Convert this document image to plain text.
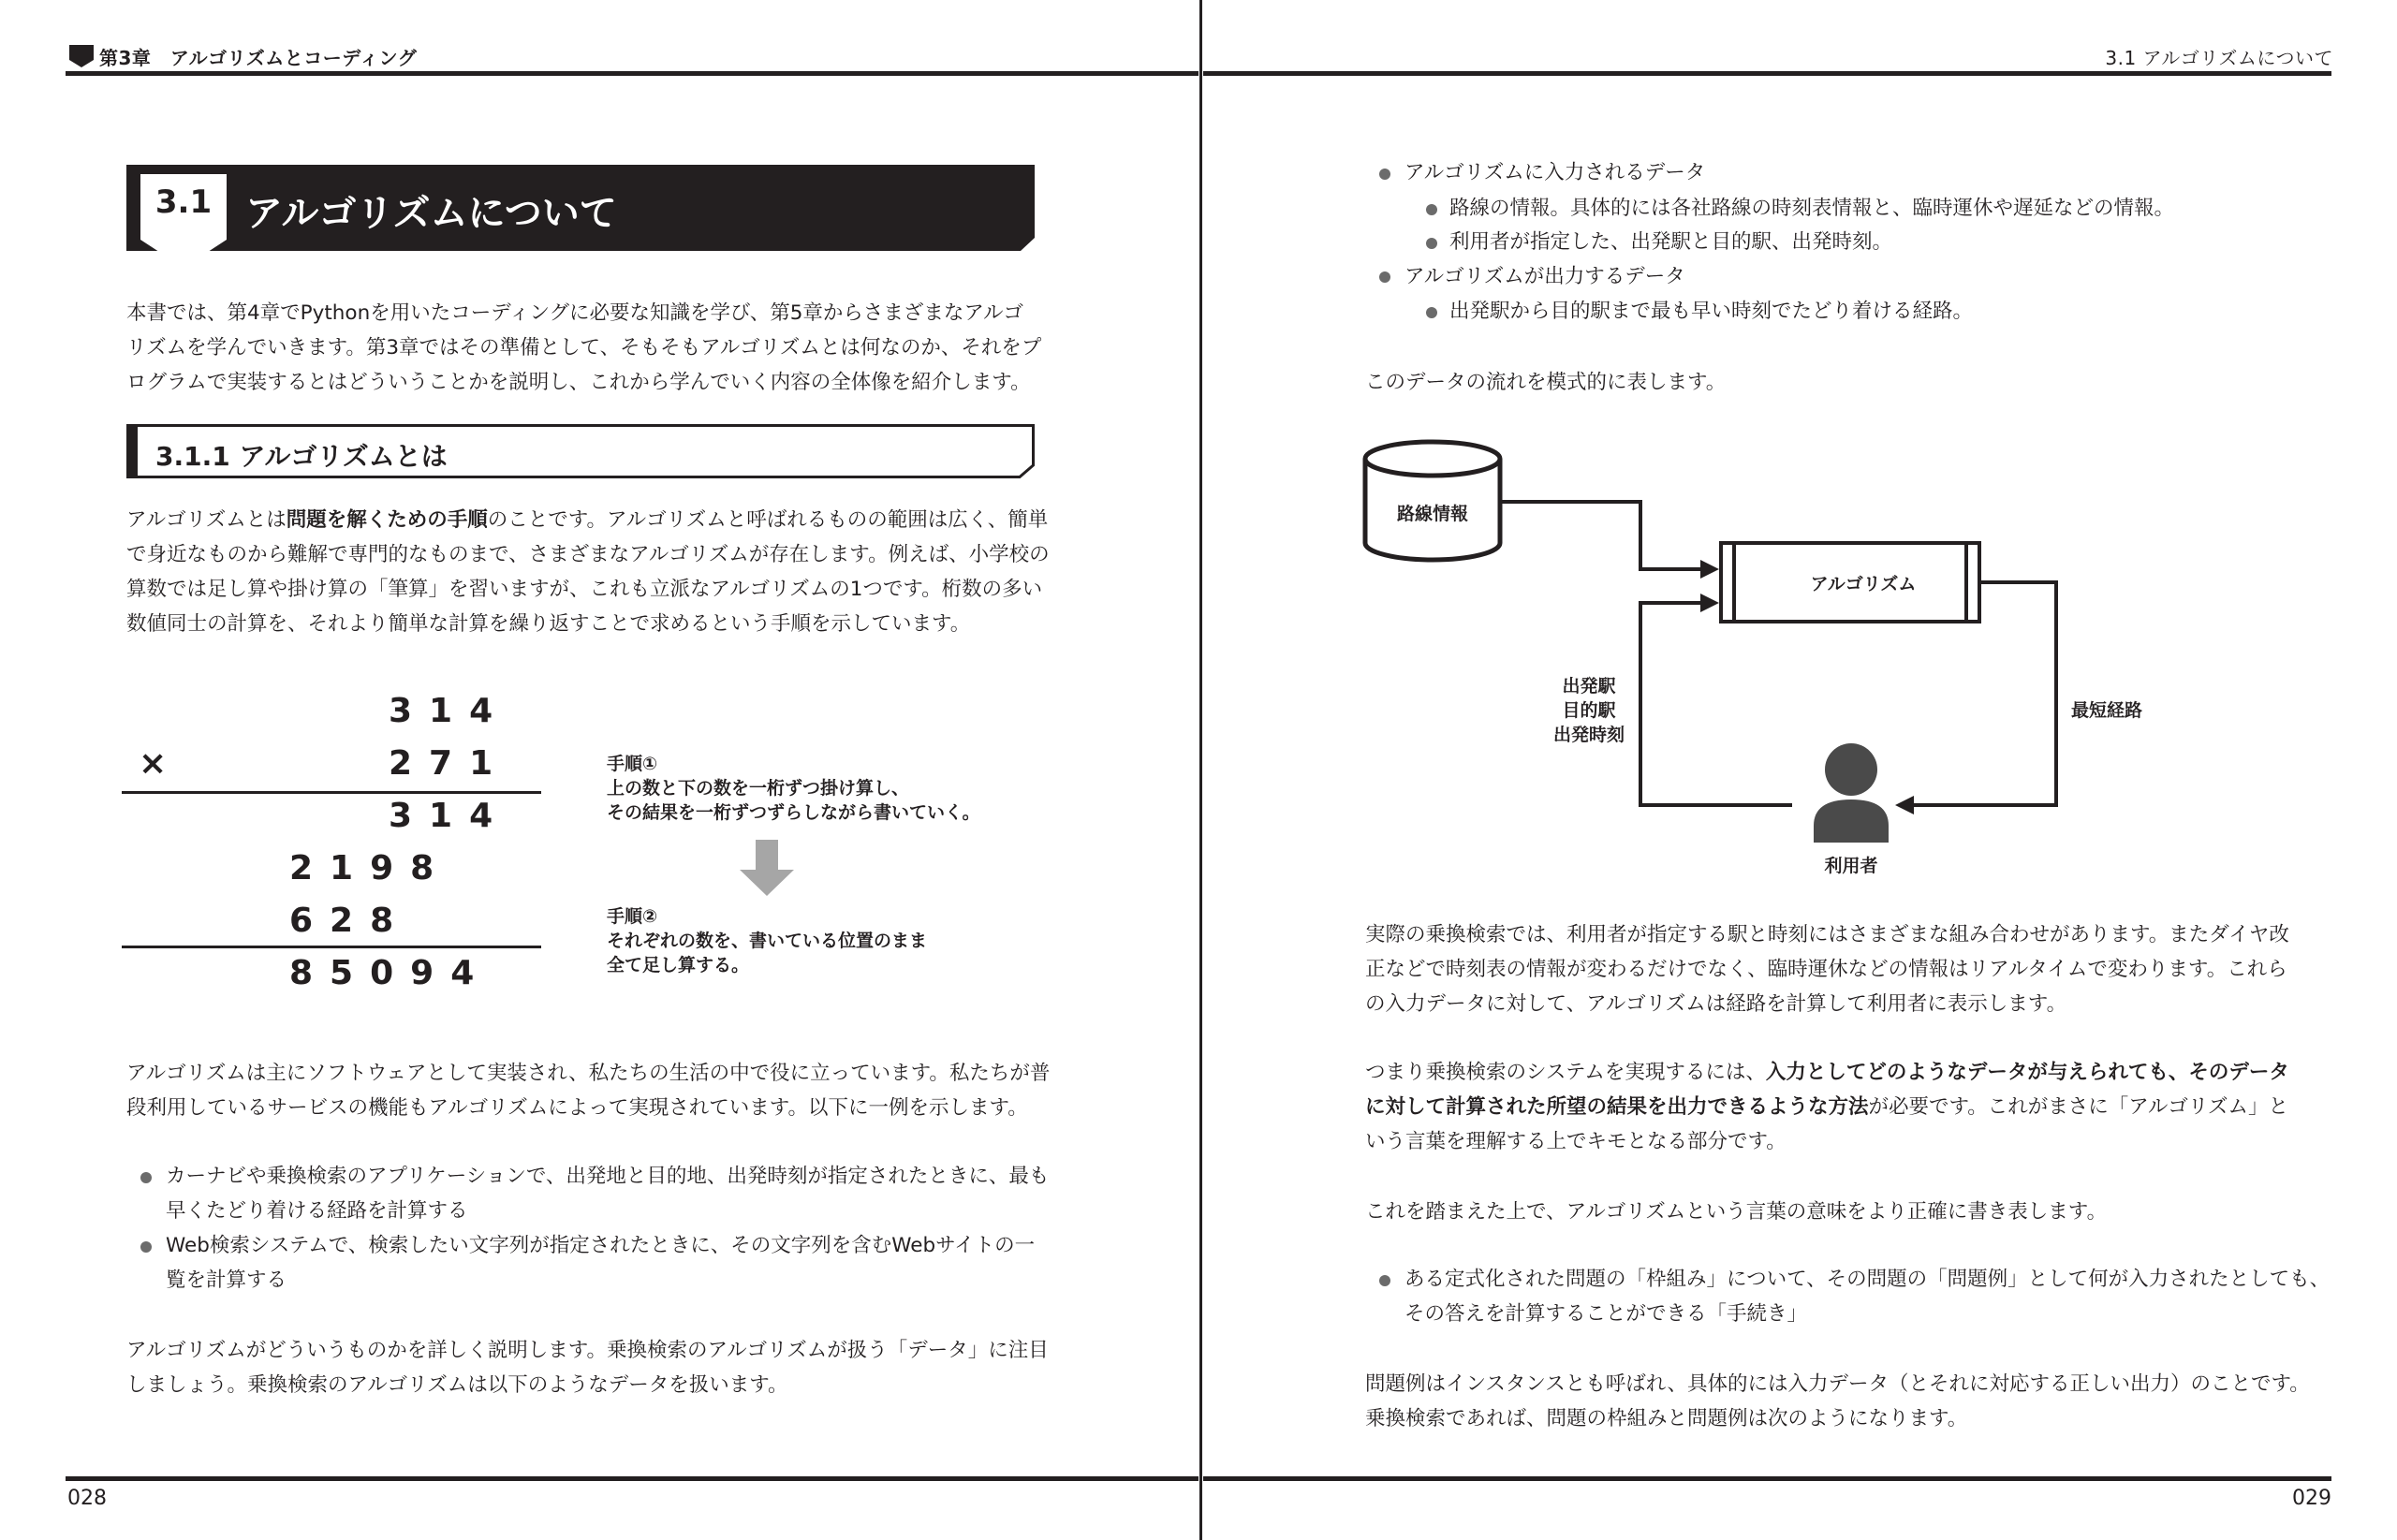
第3章　アルゴリズムとコーディング	3.1 アルゴリズムについて
028	029
3.1 アルゴリズムについて
本書では、第4章でPythonを用いたコーディングに必要な知識を学び、第5章からさまざまなアルゴ
リズムを学んでいきます。第3章ではその準備として、そもそもアルゴリズムとは何なのか、それをプ
ログラムで実装するとはどういうことかを説明し、これから学んでいく内容の全体像を紹介します。
3.1.1 アルゴリズムとは
アルゴリズムとは問題を解くための手順のことです。アルゴリズムと呼ばれるものの範囲は広く、簡単
で身近なものから難解で専門的なものまで、さまざまなアルゴリズムが存在します。例えば、小学校の
算数では足し算や掛け算の「筆算」を習いますが、これも立派なアルゴリズムの1つです。桁数の多い
数値同士の計算を、それより簡単な計算を繰り返すことで求めるという手順を示しています。
314
×	271
314
2198
628
85094
手順①
上の数と下の数を一桁ずつ掛け算し、
その結果を一桁ずつずらしながら書いていく。
手順②
それぞれの数を、書いている位置のまま
全て足し算する。
アルゴリズムは主にソフトウェアとして実装され、私たちの生活の中で役に立っています。私たちが普
段利用しているサービスの機能もアルゴリズムによって実現されています。以下に一例を示します。
カーナビや乗換検索のアプリケーションで、出発地と目的地、出発時刻が指定されたときに、最も
早くたどり着ける経路を計算する
Web検索システムで、検索したい文字列が指定されたときに、その文字列を含むWebサイトの一
覧を計算する
アルゴリズムがどういうものかを詳しく説明します。乗換検索のアルゴリズムが扱う「データ」に注目
しましょう。乗換検索のアルゴリズムは以下のようなデータを扱います。
アルゴリズムに入力されるデータ
路線の情報。具体的には各社路線の時刻表情報と、臨時運休や遅延などの情報。
利用者が指定した、出発駅と目的駅、出発時刻。
アルゴリズムが出力するデータ
出発駅から目的駅まで最も早い時刻でたどり着ける経路。
このデータの流れを模式的に表します。
路線情報
アルゴリズム
出発駅
目的駅
出発時刻
最短経路
利用者
実際の乗換検索では、利用者が指定する駅と時刻にはさまざまな組み合わせがあります。またダイヤ改
正などで時刻表の情報が変わるだけでなく、臨時運休などの情報はリアルタイムで変わります。これら
の入力データに対して、アルゴリズムは経路を計算して利用者に表示します。
つまり乗換検索のシステムを実現するには、入力としてどのようなデータが与えられても、そのデータ
に対して計算された所望の結果を出力できるような方法が必要です。これがまさに「アルゴリズム」と
いう言葉を理解する上でキモとなる部分です。
これを踏まえた上で、アルゴリズムという言葉の意味をより正確に書き表します。
ある定式化された問題の「枠組み」について、その問題の「問題例」として何が入力されたとしても、
その答えを計算することができる「手続き」
問題例はインスタンスとも呼ばれ、具体的には入力データ（とそれに対応する正しい出力）のことです。
乗換検索であれば、問題の枠組みと問題例は次のようになります。
